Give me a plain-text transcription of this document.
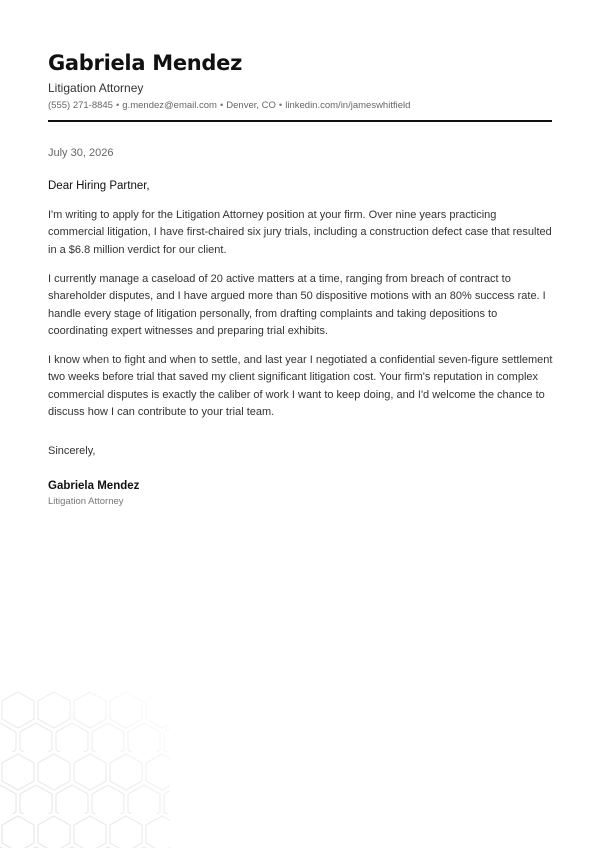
Gabriela Mendez
Litigation Attorney
(555) 271-8845 • g.mendez@email.com • Denver, CO • linkedin.com/in/jameswhitfield
July 30, 2026
Dear Hiring Partner,

I'm writing to apply for the Litigation Attorney position at your firm. Over nine years practicing commercial litigation, I have first-chaired six jury trials, including a construction defect case that resulted in a $6.8 million verdict for our client.

I currently manage a caseload of 20 active matters at a time, ranging from breach of contract to shareholder disputes, and I have argued more than 50 dispositive motions with an 80% success rate. I handle every stage of litigation personally, from drafting complaints and taking depositions to coordinating expert witnesses and preparing trial exhibits.

I know when to fight and when to settle, and last year I negotiated a confidential seven-figure settlement two weeks before trial that saved my client significant litigation cost. Your firm's reputation in complex commercial disputes is exactly the caliber of work I want to keep doing, and I'd welcome the chance to discuss how I can contribute to your trial team.

Sincerely,
Gabriela Mendez
Litigation Attorney
